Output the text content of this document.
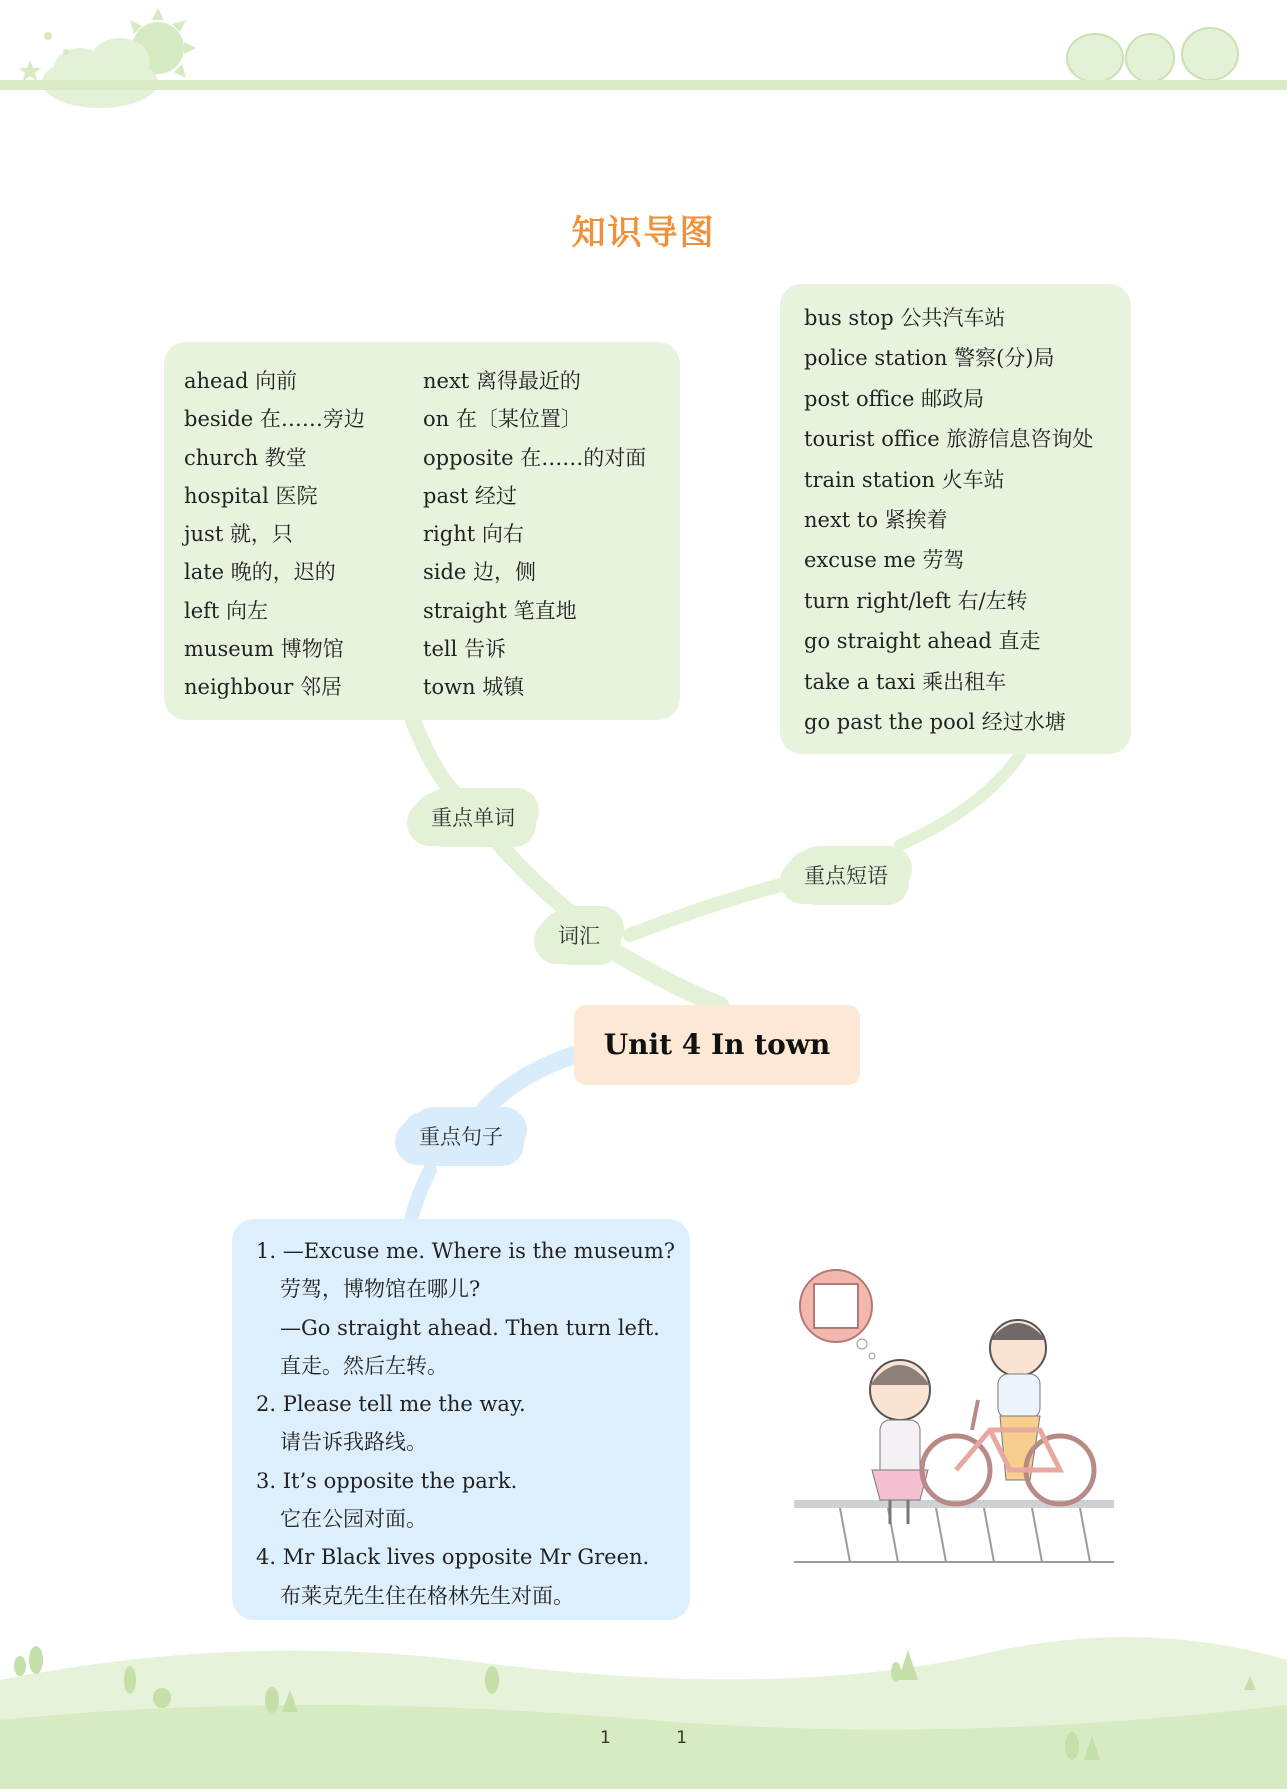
知识导图
ahead 向前
beside 在……旁边
church 教堂
hospital 医院
just 就，只
late 晚的，迟的
left 向左
museum 博物馆
neighbour 邻居
next 离得最近的
on 在〔某位置〕
opposite 在……的对面
past 经过
right 向右
side 边，侧
straight 笔直地
tell 告诉
town 城镇
bus stop 公共汽车站
police station 警察(分)局
post office 邮政局
tourist office 旅游信息咨询处
train station 火车站
next to 紧挨着
excuse me 劳驾
turn right/left 右/左转
go straight ahead 直走
take a taxi 乘出租车
go past the pool 经过水塘
重点单词
词汇
重点短语
重点句子
Unit 4 In town
1. —Excuse me. Where is the museum?
劳驾，博物馆在哪儿?
—Go straight ahead. Then turn left.
直走。然后左转。
2. Please tell me the way.
请告诉我路线。
3. It’s opposite the park.
它在公园对面。
4. Mr Black lives opposite Mr Green.
布莱克先生住在格林先生对面。
1	1
